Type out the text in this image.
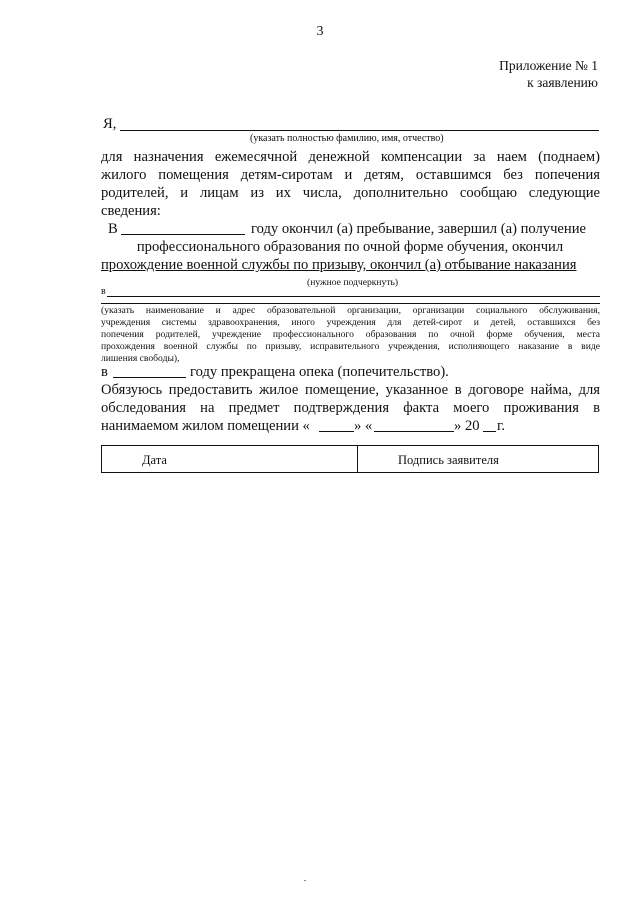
3
Приложение № 1
к заявлению
Я,
(указать полностью фамилию, имя, отчество)
для назначения ежемесячной денежной компенсации за наем (поднаем)
жилого помещения детям-сиротам и детям, оставшимся без попечения
родителей, и лицам из их числа, дополнительно сообщаю следующие
сведения:
В	году окончил (а) пребывание, завершил (а) получение
профессионального образования по очной форме обучения, окончил
прохождение военной службы по призыву, окончил (а) отбывание наказания
(нужное подчеркнуть)
в
(указать наименование и адрес образовательной организации, организации социального обслуживания,
учреждения системы здравоохранения, иного учреждения для детей-сирот и детей, оставшихся без
попечения родителей, учреждение профессионального образования по очной форме обучения, места
прохождения военной службы по призыву, исправительного учреждения, исполняющего наказание в виде
лишения свободы),
в	году прекращена опека (попечительство).
Обязуюсь предоставить жилое помещение, указанное в договоре найма, для
обследования на предмет подтверждения факта моего проживания в
нанимаемом жилом помещении «	» «	» 20 г.
Дата	Подпись заявителя
